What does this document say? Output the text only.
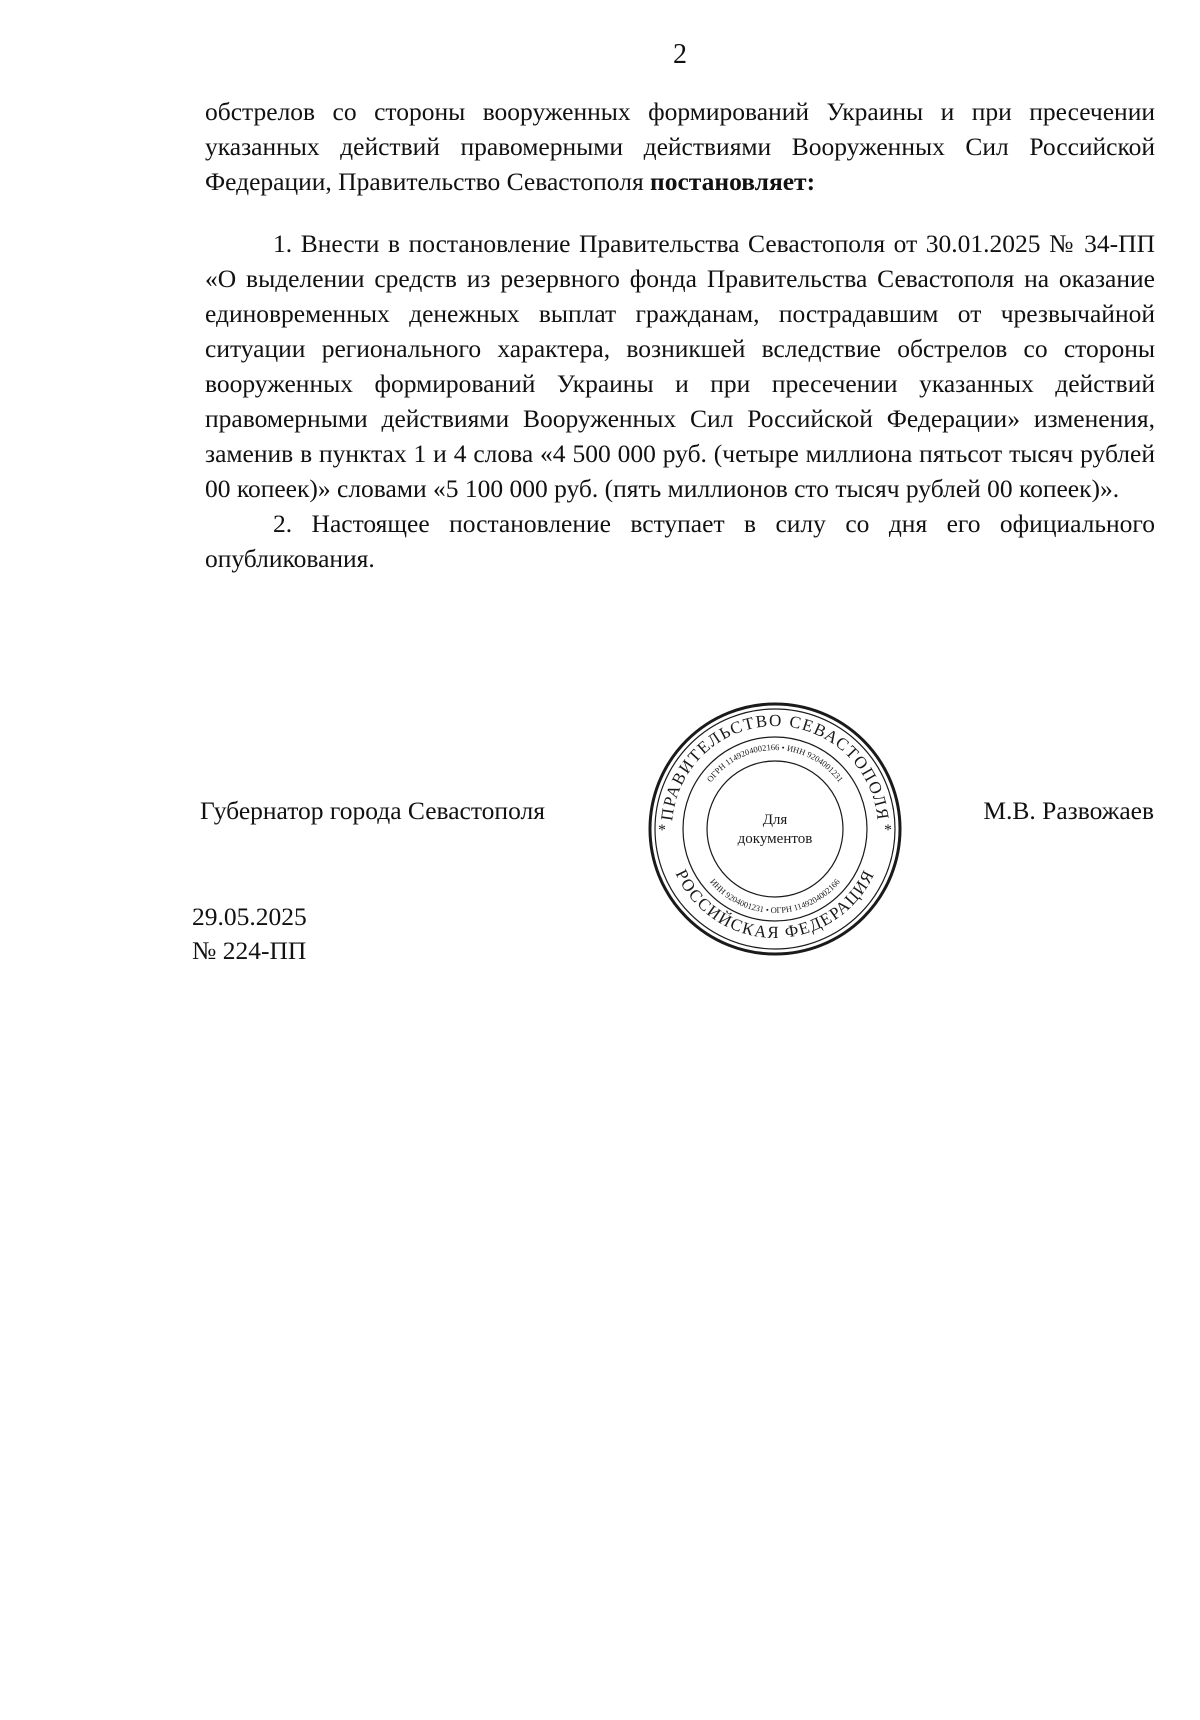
2

обстрелов со стороны вооруженных формирований Украины и при пресечении указанных действий правомерными действиями Вооруженных Сил Российской Федерации, Правительство Севастополя постановляет:

1. Внести в постановление Правительства Севастополя от 30.01.2025 № 34-ПП «О выделении средств из резервного фонда Правительства Севастополя на оказание единовременных денежных выплат гражданам, пострадавшим от чрезвычайной ситуации регионального характера, возникшей вследствие обстрелов со стороны вооруженных формирований Украины и при пресечении указанных действий правомерными действиями Вооруженных Сил Российской Федерации» изменения, заменив в пунктах 1 и 4 слова «4 500 000 руб. (четыре миллиона пятьсот тысяч рублей 00 копеек)» словами «5 100 000 руб. (пять миллионов сто тысяч рублей 00 копеек)».

2. Настоящее постановление вступает в силу со дня его официального опубликования.

Губернатор города Севастополя	ПРАВИТЕЛЬСТВО СЕВАСТОПОЛЯ
РОССИЙСКАЯ ФЕДЕРАЦИЯ
ОГРН 1149204002166 • ИНН 9204001231
ИНН 9204001231 • ОГРН 1149204002166
*	*
Для
документов
М.В. Развожаев
29.05.2025
№ 224-ПП
